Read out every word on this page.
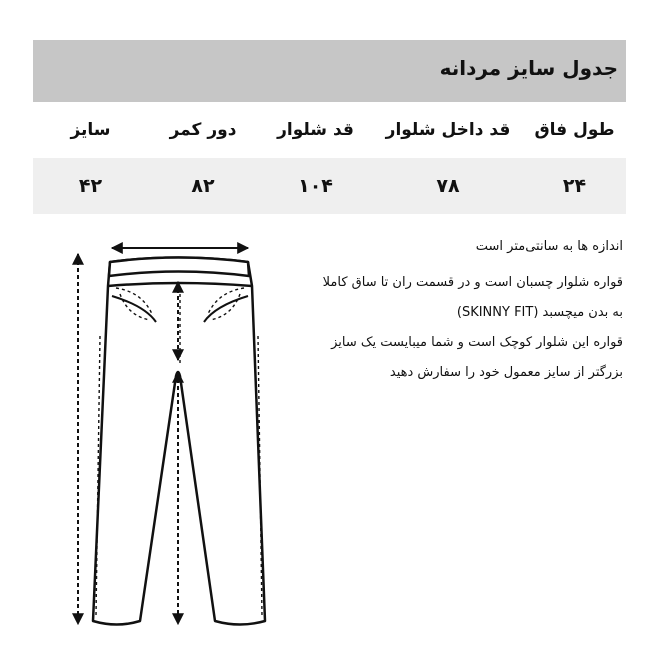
جدول سایز مردانه
طول فاق
قد داخل شلوار
قد شلوار
دور کمر
سایز
۲۴
۷۸
۱۰۴
۸۲
۴۲

اندازه ها به سانتی‌متر است

قواره شلوار چسبان است و در قسمت ران تا ساق کاملا

به بدن میچسبد (SKINNY FIT)

قواره این شلوار کوچک است و شما میبایست یک سایز

بزرگتر از سایز معمول خود را سفارش دهید
